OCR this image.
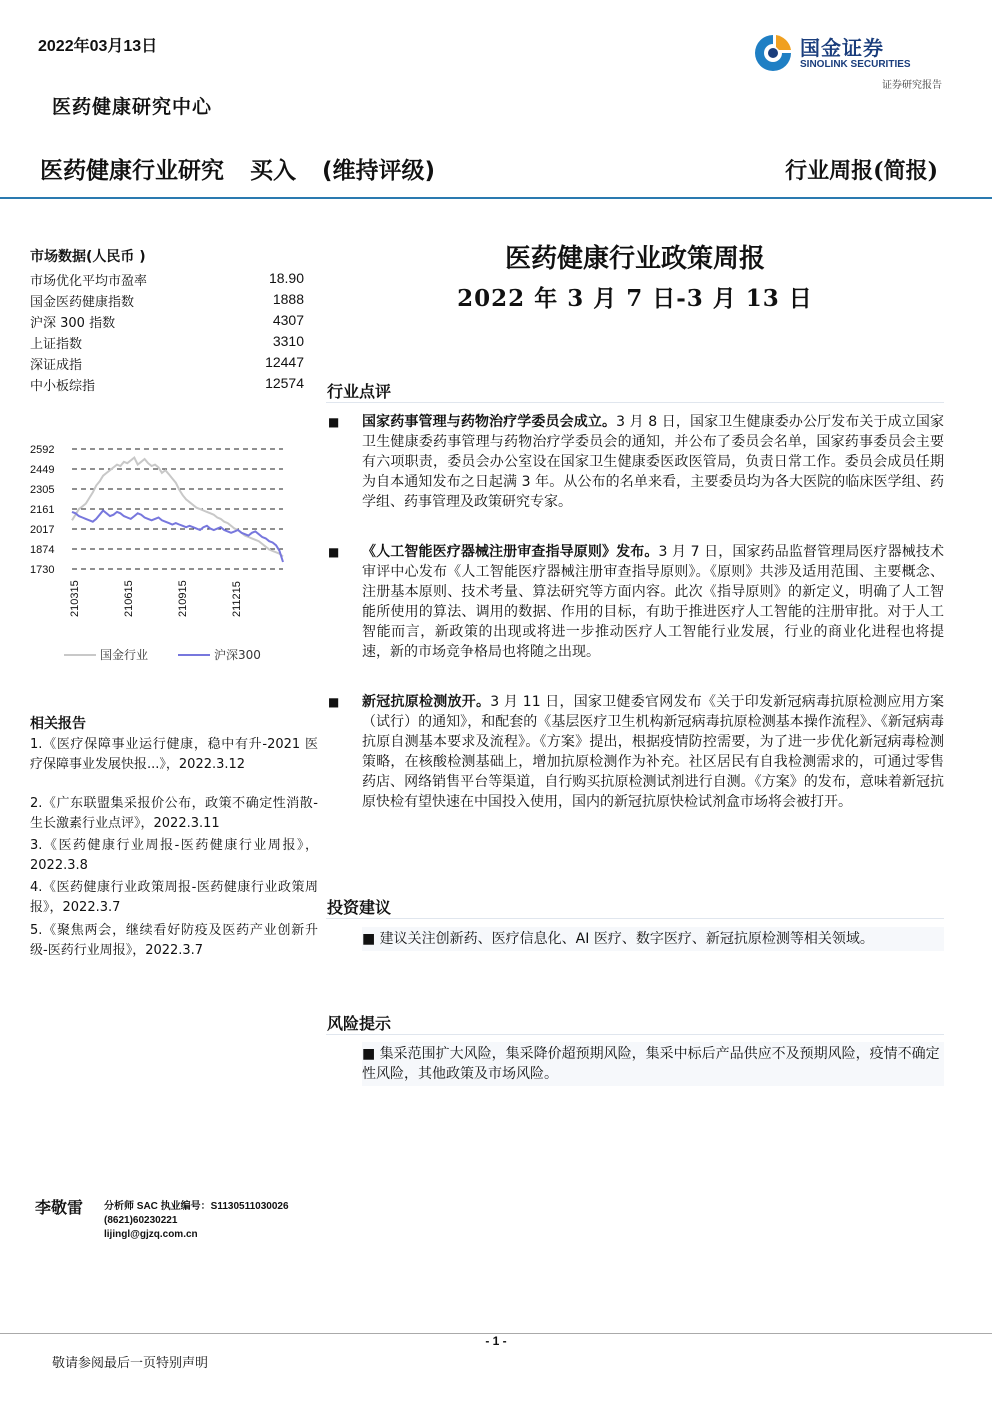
2022年03月13日
医药健康研究中心
医药健康行业研究 买入 (维持评级)	行业周报(简报)
国金证券
SINOLINK SECURITIES
证券研究报告
市场数据(人民币 )
市场优化平均市盈率	18.90
国金医药健康指数	1888
沪深 300 指数	4307
上证指数	3310
深证成指	12447
中小板综指	12574
2592
2449
2305
2161
2017
1874
1730
210315	210615	210915	211215
国金行业	沪深300
相关报告
1.《医疗保障事业运行健康，稳中有升-2021 医疗保障事业发展快报...》，2022.3.12
2.《广东联盟集采报价公布，政策不确定性消散-生长激素行业点评》，2022.3.11
3.《医药健康行业周报-医药健康行业周报》，2022.3.8
4.《医药健康行业政策周报-医药健康行业政策周报》，2022.3.7
5.《聚焦两会，继续看好防疫及医药产业创新升级-医药行业周报》，2022.3.7
李敬雷 分析师 SAC 执业编号：S1130511030026
(8621)60230221
lijingl@gjzq.com.cn
医药健康行业政策周报
2022 年 3 月 7 日-3 月 13 日
行业点评
■ 国家药事管理与药物治疗学委员会成立。3 月 8 日，国家卫生健康委办公厅发布关于成立国家卫生健康委药事管理与药物治疗学委员会的通知，并公布了委员会名单，国家药事委员会主要有六项职责，委员会办公室设在国家卫生健康委医政医管局，负责日常工作。委员会成员任期为自本通知发布之日起满 3 年。从公布的名单来看，主要委员均为各大医院的临床医学组、药学组、药事管理及政策研究专家。
■ 《人工智能医疗器械注册审查指导原则》发布。3 月 7 日，国家药品监督管理局医疗器械技术审评中心发布《人工智能医疗器械注册审查指导原则》。《原则》共涉及适用范围、主要概念、注册基本原则、技术考量、算法研究等方面内容。此次《指导原则》的新定义，明确了人工智能所使用的算法、调用的数据、作用的目标，有助于推进医疗人工智能的注册审批。对于人工智能而言，新政策的出现或将进一步推动医疗人工智能行业发展，行业的商业化进程也将提速，新的市场竞争格局也将随之出现。
■ 新冠抗原检测放开。3 月 11 日，国家卫健委官网发布《关于印发新冠病毒抗原检测应用方案（试行）的通知》，和配套的《基层医疗卫生机构新冠病毒抗原检测基本操作流程》、《新冠病毒抗原自测基本要求及流程》。《方案》提出，根据疫情防控需要，为了进一步优化新冠病毒检测策略，在核酸检测基础上，增加抗原检测作为补充。社区居民有自我检测需求的，可通过零售药店、网络销售平台等渠道，自行购买抗原检测试剂进行自测。《方案》的发布，意味着新冠抗原快检有望快速在中国投入使用，国内的新冠抗原快检试剂盒市场将会被打开。
投资建议
■ 建议关注创新药、医疗信息化、AI 医疗、数字医疗、新冠抗原检测等相关领域。
风险提示
■ 集采范围扩大风险，集采降价超预期风险，集采中标后产品供应不及预期风险，疫情不确定性风险，其他政策及市场风险。
- 1 -
敬请参阅最后一页特别声明
